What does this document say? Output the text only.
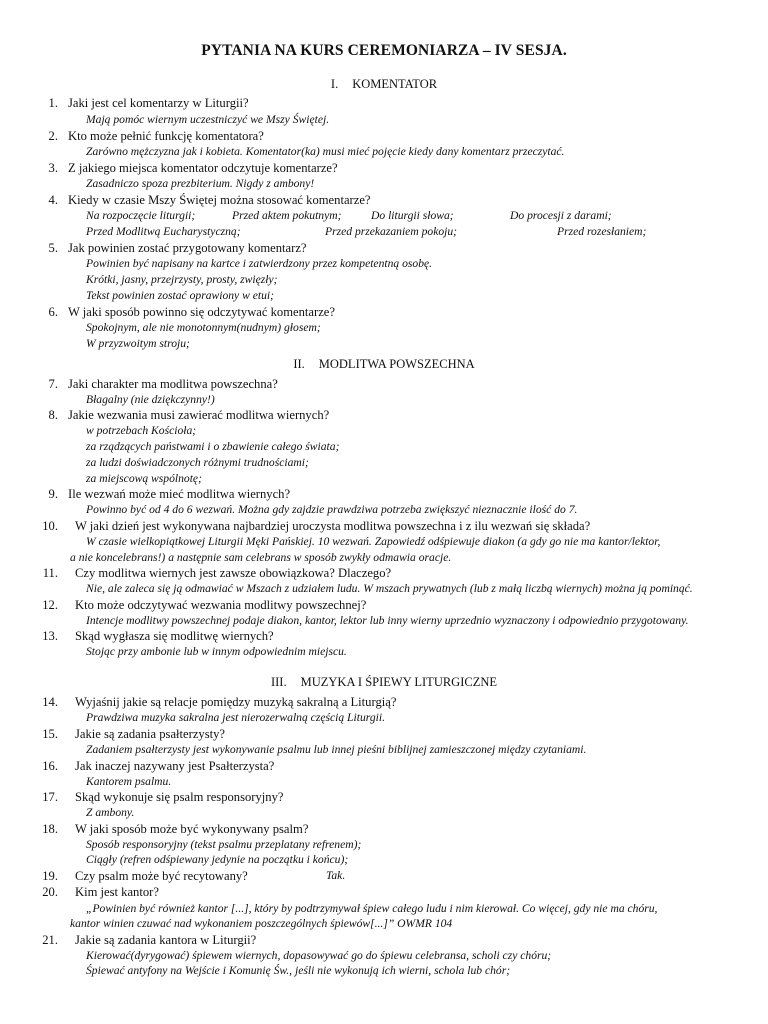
PYTANIA NA KURS CEREMONIARZA – IV SESJA.
I. KOMENTATOR
1. Jaki jest cel komentarzy w Liturgii?
Mają pomóc wiernym uczestniczyć we Mszy Świętej.
2. Kto może pełnić funkcję komentatora?
Zarówno mężczyzna jak i kobieta. Komentator(ka) musi mieć pojęcie kiedy dany komentarz przeczytać.
3. Z jakiego miejsca komentator odczytuje komentarze?
Zasadniczo spoza prezbiterium. Nigdy z ambony!
4. Kiedy w czasie Mszy Świętej można stosować komentarze?
Na rozpoczęcie liturgii;	Przed aktem pokutnym;	Do liturgii słowa;	Do procesji z darami;
Przed Modlitwą Eucharystyczną;	Przed przekazaniem pokoju;	Przed rozesłaniem;
5. Jak powinien zostać przygotowany komentarz?
Powinien być napisany na kartce i zatwierdzony przez kompetentną osobę.
Krótki, jasny, przejrzysty, prosty, zwięzły;
Tekst powinien zostać oprawiony w etui;
6. W jaki sposób powinno się odczytywać komentarze?
Spokojnym, ale nie monotonnym(nudnym) głosem;
W przyzwoitym stroju;
II. MODLITWA POWSZECHNA
7. Jaki charakter ma modlitwa powszechna?
Błagalny (nie dziękczynny!)
8. Jakie wezwania musi zawierać modlitwa wiernych?
w potrzebach Kościoła;
za rządzących państwami i o zbawienie całego świata;
za ludzi doświadczonych różnymi trudnościami;
za miejscową wspólnotę;
9. Ile wezwań może mieć modlitwa wiernych?
Powinno być od 4 do 6 wezwań. Można gdy zajdzie prawdziwa potrzeba zwiększyć nieznacznie ilość do 7.
10. W jaki dzień jest wykonywana najbardziej uroczysta modlitwa powszechna i z ilu wezwań się składa?
W czasie wielkopiątkowej Liturgii Męki Pańskiej. 10 wezwań. Zapowiedź odśpiewuje diakon (a gdy go nie ma kantor/lektor,
a nie koncelebrans!) a następnie sam celebrans w sposób zwykły odmawia oracje.
11. Czy modlitwa wiernych jest zawsze obowiązkowa? Dlaczego?
Nie, ale zaleca się ją odmawiać w Mszach z udziałem ludu. W mszach prywatnych (lub z małą liczbą wiernych) można ją pominąć.
12. Kto może odczytywać wezwania modlitwy powszechnej?
Intencje modlitwy powszechnej podaje diakon, kantor, lektor lub inny wierny uprzednio wyznaczony i odpowiednio przygotowany.
13. Skąd wygłasza się modlitwę wiernych?
Stojąc przy ambonie lub w innym odpowiednim miejscu.
III. MUZYKA I ŚPIEWY LITURGICZNE
14. Wyjaśnij jakie są relacje pomiędzy muzyką sakralną a Liturgią?
Prawdziwa muzyka sakralna jest nierozerwalną częścią Liturgii.
15. Jakie są zadania psałterzysty?
Zadaniem psałterzysty jest wykonywanie psalmu lub innej pieśni biblijnej zamieszczonej między czytaniami.
16. Jak inaczej nazywany jest Psałterzysta?
Kantorem psalmu.
17. Skąd wykonuje się psalm responsoryjny?
Z ambony.
18. W jaki sposób może być wykonywany psalm?
Sposób responsoryjny (tekst psalmu przeplatany refrenem);
Ciągły (refren odśpiewany jedynie na początku i końcu);
19. Czy psalm może być recytowany?	Tak.
20. Kim jest kantor?
„Powinien być również kantor [...], który by podtrzymywał śpiew całego ludu i nim kierował. Co więcej, gdy nie ma chóru,
kantor winien czuwać nad wykonaniem poszczególnych śpiewów[...]” OWMR 104
21. Jakie są zadania kantora w Liturgii?
Kierować(dyrygować) śpiewem wiernych, dopasowywać go do śpiewu celebransa, scholi czy chóru;
Śpiewać antyfony na Wejście i Komunię Św., jeśli nie wykonują ich wierni, schola lub chór;
